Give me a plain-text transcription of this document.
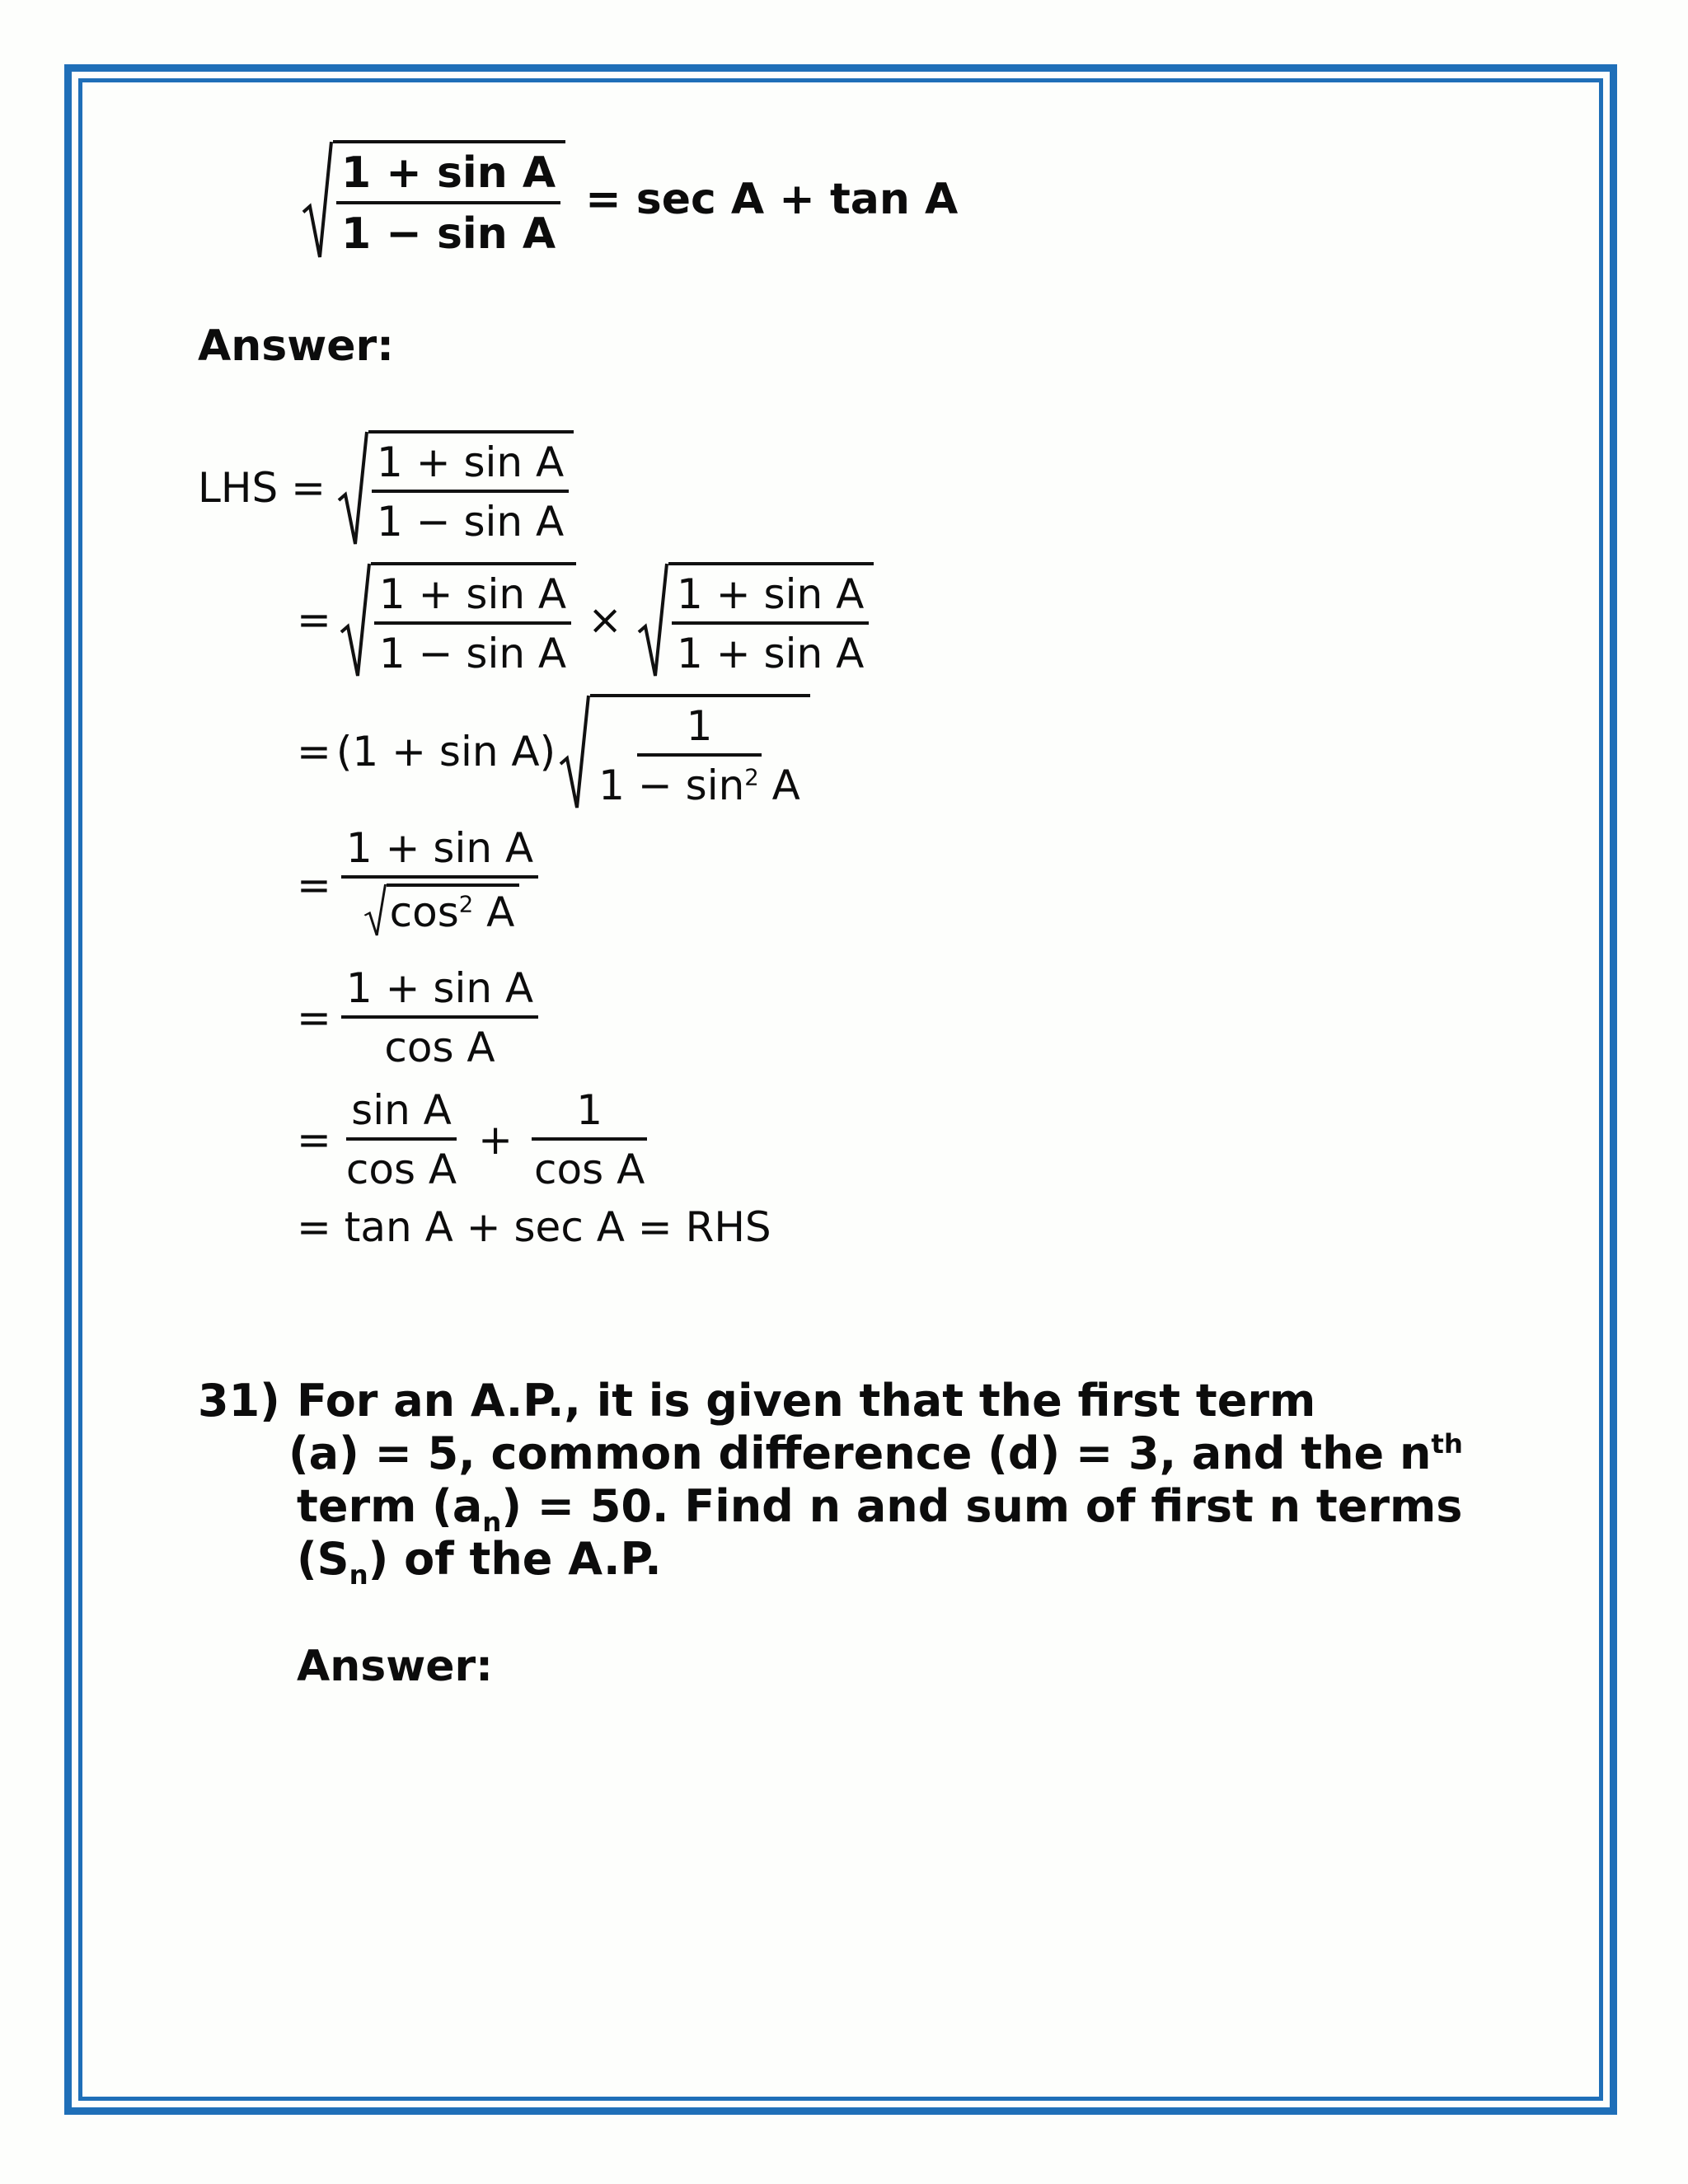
$\frac{\text{1 + sin A}}{\text{1 − sin A}} = \sec A + \tan A$
Answer:
LHS = $\frac{\text{1 + sin A}}{\text{1 − sin A}}$
= $\frac{\text{1 + sin A}}{\text{1 − sin A}} \times \frac{\text{1 + sin A}}{\text{1 + sin A}}$
= $(1 + \sin A) \frac{1}{1 - \sin^2 A}$
= $\frac{\text{1 + sin A}}{\cos^2 A}$
= $\frac{\text{1 + sin A}}{\text{cos A}}$
= $\frac{\text{sin A}}{\text{cos A}} + \frac{1}{\text{cos A}}$
= tan A + sec A = RHS
31) For an A.P., it is given that the first term
(a) = 5, common difference (d) = 3, and the $n^{th}$
term $(a_n) = 50$. Find n and sum of first n terms
$(S_n)$ of the A.P.
Answer:
